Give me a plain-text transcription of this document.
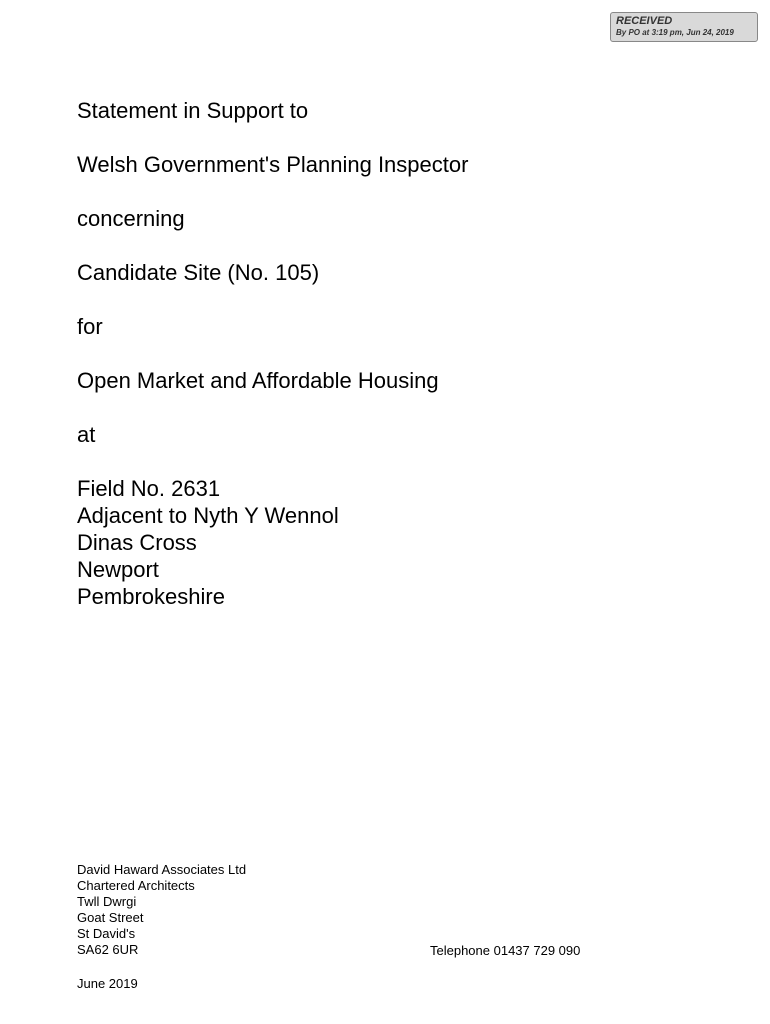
RECEIVED
By PO at 3:19 pm, Jun 24, 2019

Statement in Support to

Welsh Government's Planning Inspector

concerning

Candidate Site (No. 105)

for

Open Market and Affordable Housing

at

Field No. 2631

Adjacent to Nyth Y Wennol

Dinas Cross

Newport

Pembrokeshire

David Haward Associates Ltd
Chartered Architects
Twll Dwrgi
Goat Street
St David's
SA62 6UR	Telephone 01437 729 090
June 2019
